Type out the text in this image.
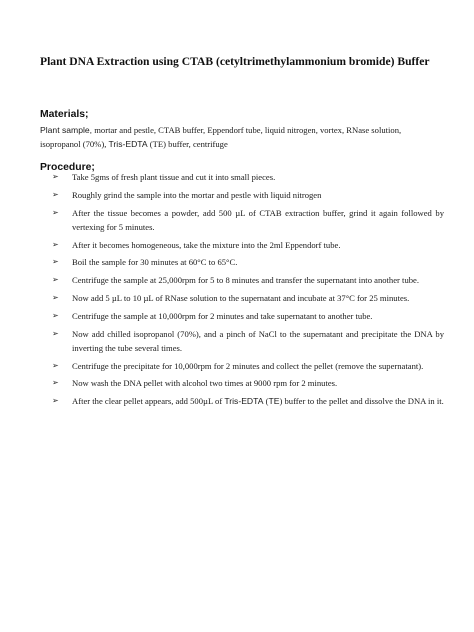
Plant DNA Extraction using CTAB (cetyltrimethylammonium bromide) Buffer
Materials;

Plant sample, mortar and pestle, CTAB buffer, Eppendorf tube, liquid nitrogen, vortex, RNase solution, isopropanol (70%), Tris-EDTA (TE) buffer, centrifuge

Procedure;
➢ Take 5gms of fresh plant tissue and cut it into small pieces.
➢ Roughly grind the sample into the mortar and pestle with liquid nitrogen
➢ After the tissue becomes a powder, add 500 µL of CTAB extraction buffer, grind it again followed by vertexing for 5 minutes.
➢ After it becomes homogeneous, take the mixture into the 2ml Eppendorf tube.
➢ Boil the sample for 30 minutes at 60°C to 65°C.
➢ Centrifuge the sample at 25,000rpm for 5 to 8 minutes and transfer the supernatant into another tube.
➢ Now add 5 µL to 10 µL of RNase solution to the supernatant and incubate at 37°C for 25 minutes.
➢ Centrifuge the sample at 10,000rpm for 2 minutes and take supernatant to another tube.
➢ Now add chilled isopropanol (70%), and a pinch of NaCl to the supernatant and precipitate the DNA by inverting the tube several times.
➢ Centrifuge the precipitate for 10,000rpm for 2 minutes and collect the pellet (remove the supernatant).
➢ Now wash the DNA pellet with alcohol two times at 9000 rpm for 2 minutes.
➢ After the clear pellet appears, add 500µL of Tris-EDTA (TE) buffer to the pellet and dissolve the DNA in it.
